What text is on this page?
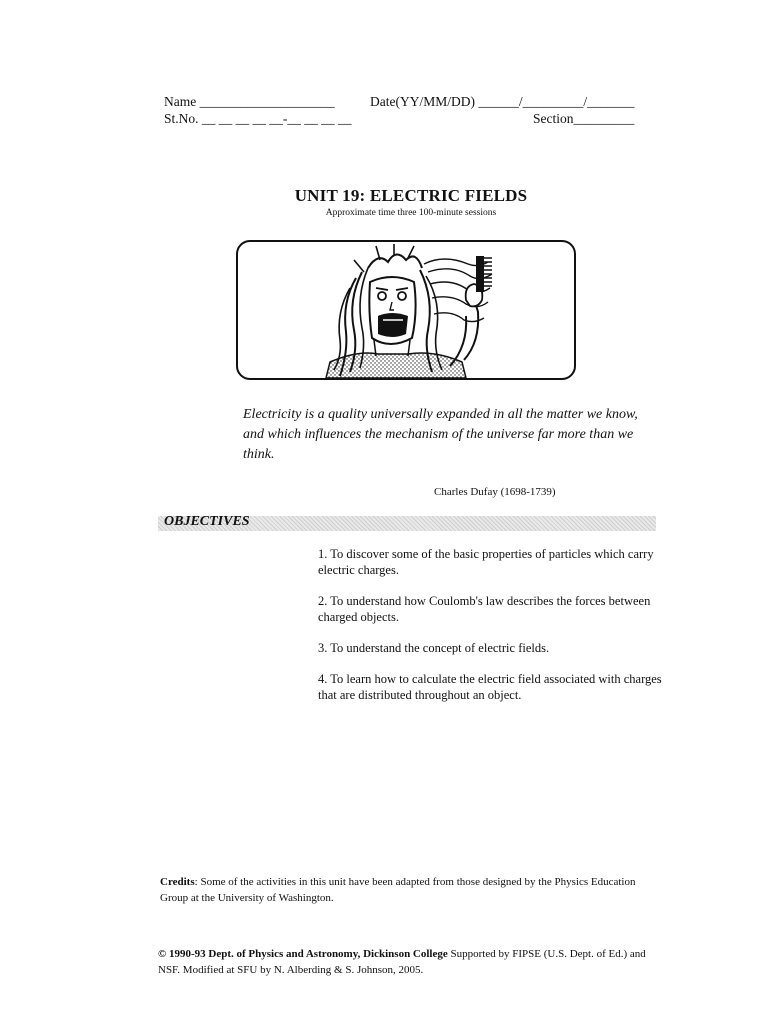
Name ____________________	Date(YY/MM/DD) ______/_________/_______
St.No. __ __ __ __ __-__ __ __ __	Section_________
UNIT 19: ELECTRIC FIELDS
Approximate time three 100-minute sessions
Electricity is a quality universally expanded in all the matter we know, and which influences the mechanism of the universe far more than we think.
Charles Dufay (1698-1739)
OBJECTIVES
1. To discover some of the basic properties of particles which carry electric charges.
2. To understand how Coulomb's law describes the forces between charged objects.
3. To understand the concept of electric fields.
4. To learn how to calculate the electric field associated with charges that are distributed throughout an object.
Credits: Some of the activities in this unit have been adapted from those designed by the Physics Education Group at the University of Washington.
© 1990-93 Dept. of Physics and Astronomy, Dickinson College Supported by FIPSE (U.S. Dept. of Ed.) and NSF. Modified at SFU by N. Alberding & S. Johnson, 2005.
